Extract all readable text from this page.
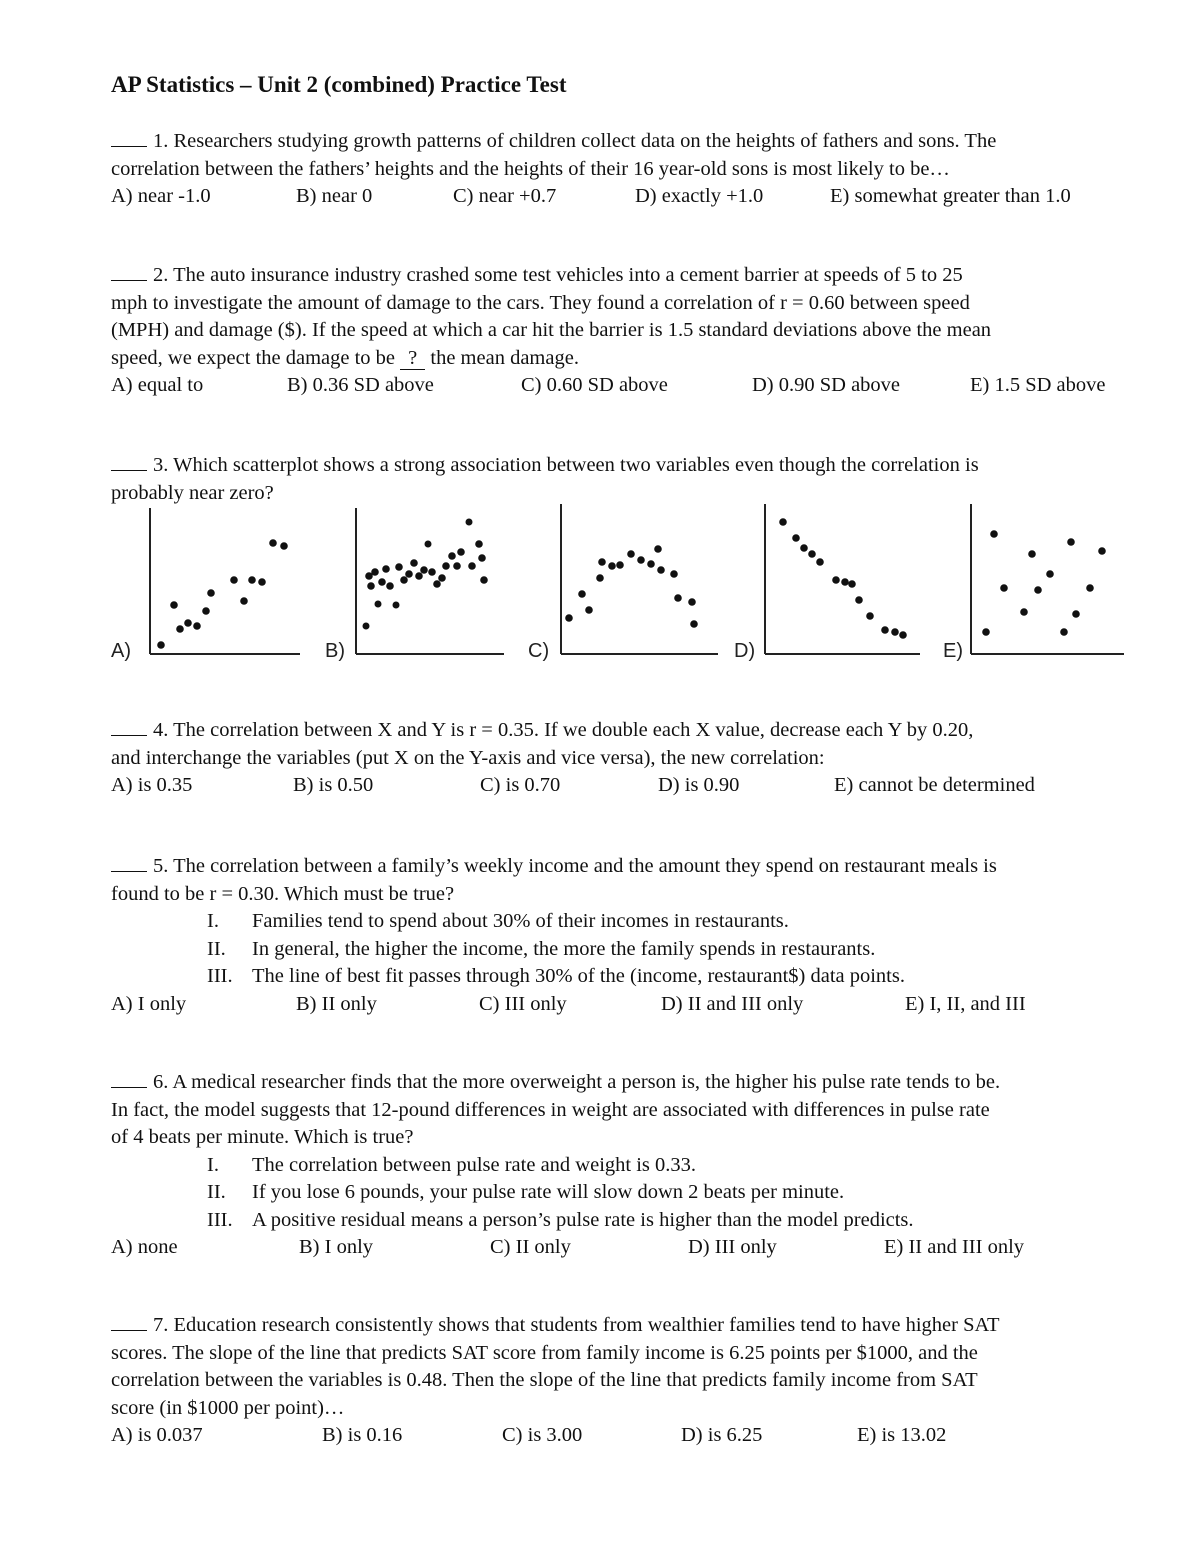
AP Statistics – Unit 2 (combined) Practice Test

1. Researchers studying growth patterns of children collect data on the heights of fathers and sons. The

correlation between the fathers’ heights and the heights of their 16 year-old sons is most likely to be…

A) near -1.0	B) near 0	C) near +0.7	D) exactly +1.0	E) somewhat greater than 1.0

2. The auto insurance industry crashed some test vehicles into a cement barrier at speeds of 5 to 25

mph to investigate the amount of damage to the cars. They found a correlation of r = 0.60 between speed

(MPH) and damage ($). If the speed at which a car hit the barrier is 1.5 standard deviations above the mean

speed, we expect the damage to be ? the mean damage.

A) equal to	B) 0.36 SD above	C) 0.60 SD above	D) 0.90 SD above	E) 1.5 SD above

3. Which scatterplot shows a strong association between two variables even though the correlation is

probably near zero?

A)	B)	C)	D)	E)

4. The correlation between X and Y is r = 0.35. If we double each X value, decrease each Y by 0.20,

and interchange the variables (put X on the Y-axis and vice versa), the new correlation:

A) is 0.35	B) is 0.50	C) is 0.70	D) is 0.90	E) cannot be determined

5. The correlation between a family’s weekly income and the amount they spend on restaurant meals is

found to be r = 0.30. Which must be true?

I. Families tend to spend about 30% of their incomes in restaurants.
II. In general, the higher the income, the more the family spends in restaurants.
III. The line of best fit passes through 30% of the (income, restaurant$) data points.
A) I only	B) II only	C) III only	D) II and III only	E) I, II, and III

6. A medical researcher finds that the more overweight a person is, the higher his pulse rate tends to be.

In fact, the model suggests that 12-pound differences in weight are associated with differences in pulse rate

of 4 beats per minute. Which is true?

I. The correlation between pulse rate and weight is 0.33.
II. If you lose 6 pounds, your pulse rate will slow down 2 beats per minute.
III. A positive residual means a person’s pulse rate is higher than the model predicts.
A) none	B) I only	C) II only	D) III only	E) II and III only

7. Education research consistently shows that students from wealthier families tend to have higher SAT

scores. The slope of the line that predicts SAT score from family income is 6.25 points per $1000, and the

correlation between the variables is 0.48. Then the slope of the line that predicts family income from SAT

score (in $1000 per point)…

A) is 0.037	B) is 0.16	C) is 3.00	D) is 6.25	E) is 13.02
